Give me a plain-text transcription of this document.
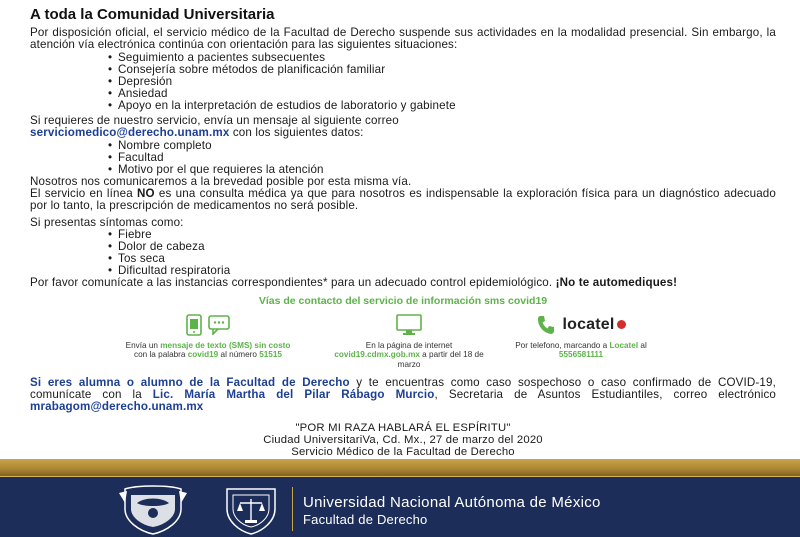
A toda la Comunidad Universitaria

Por disposición oficial, el servicio médico de la Facultad de Derecho suspende sus actividades en la modalidad presencial. Sin embargo, la atención vía electrónica continúa con orientación para las siguientes situaciones:

• Seguimiento a pacientes subsecuentes
• Consejería sobre métodos de planificación familiar
• Depresión
• Ansiedad
• Apoyo en la interpretación de estudios de laboratorio y gabinete

Si requieres de nuestro servicio, envía un mensaje al siguiente correo
serviciomedico@derecho.unam.mx con los siguientes datos:

• Nombre completo
• Facultad
• Motivo por el que requieres la atención

Nosotros nos comunicaremos a la brevedad posible por esta misma vía.

El servicio en línea NO es una consulta médica ya que para nosotros es indispensable la exploración física para un diagnóstico adecuado por lo tanto, la prescripción de medicamentos no será posible.

Si presentas síntomas como:

• Fiebre
• Dolor de cabeza
• Tos seca
• Dificultad respiratoria

Por favor comunícate a las instancias correspondientes* para un adecuado control epidemiológico. ¡No te automediques!

Vías de contacto del servicio de información sms covid19
Envía un mensaje de texto (SMS) sin costo con la palabra covid19 al número 51515
En la página de internet covid19.cdmx.gob.mx a partir del 18 de marzo
locatel
Por telefono, marcando a Locatel al 5556581111

Si eres alumna o alumno de la Facultad de Derecho y te encuentras como caso sospechoso o caso confirmado de COVID-19, comunícate con la Lic. María Martha del Pilar Rábago Murcio, Secretaria de Asuntos Estudiantiles, correo electrónico mrabagom@derecho.unam.mx

"POR MI RAZA HABLARÁ EL ESPÍRITU"
Ciudad UniversitariVa, Cd. Mx., 27 de marzo del 2020
Servicio Médico de la Facultad de Derecho
Universidad Nacional Autónoma de México
Facultad de Derecho
